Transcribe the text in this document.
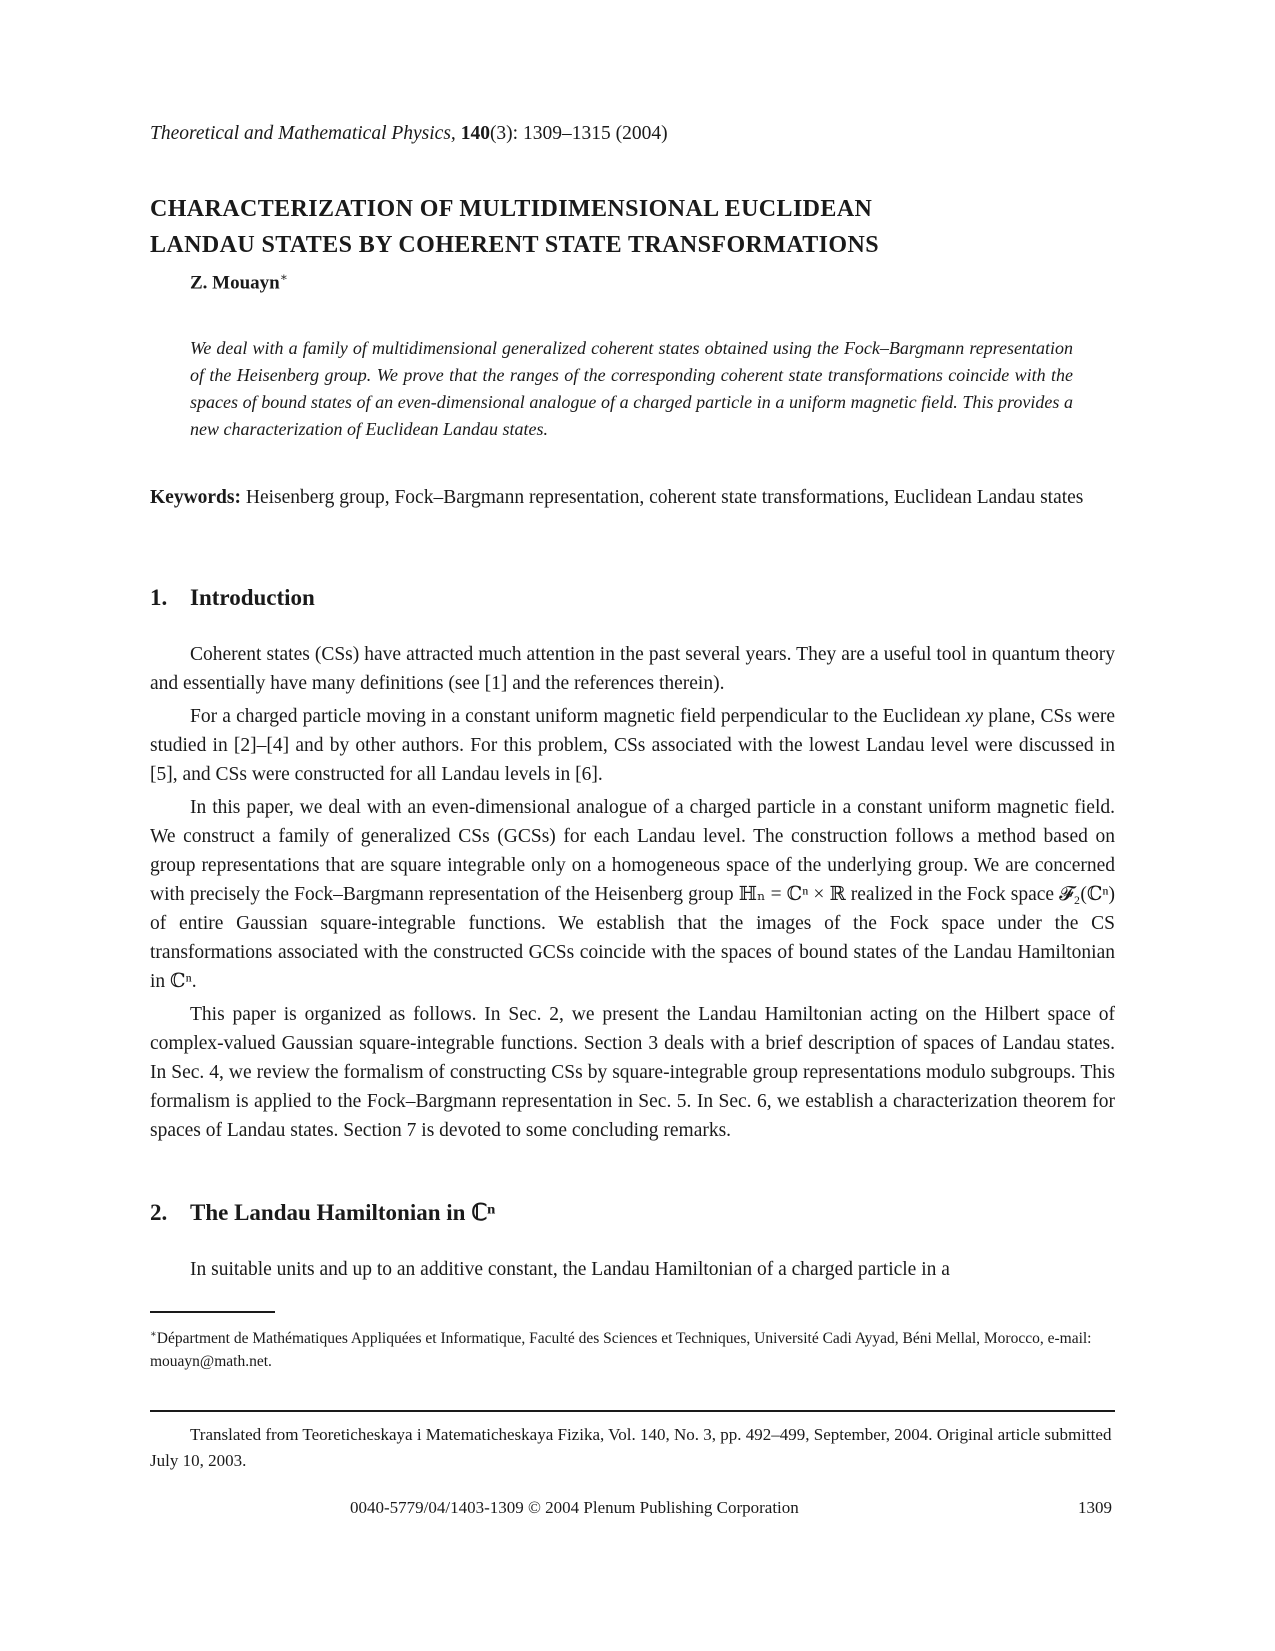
Theoretical and Mathematical Physics, 140(3): 1309–1315 (2004)
CHARACTERIZATION OF MULTIDIMENSIONAL EUCLIDEAN
LANDAU STATES BY COHERENT STATE TRANSFORMATIONS
Z. Mouayn∗
We deal with a family of multidimensional generalized coherent states obtained using the Fock–Bargmann representation of the Heisenberg group. We prove that the ranges of the corresponding coherent state transformations coincide with the spaces of bound states of an even-dimensional analogue of a charged particle in a uniform magnetic field. This provides a new characterization of Euclidean Landau states.
Keywords: Heisenberg group, Fock–Bargmann representation, coherent state transformations, Euclidean Landau states
1. Introduction

Coherent states (CSs) have attracted much attention in the past several years. They are a useful tool in quantum theory and essentially have many definitions (see [1] and the references therein).

For a charged particle moving in a constant uniform magnetic field perpendicular to the Euclidean xy plane, CSs were studied in [2]–[4] and by other authors. For this problem, CSs associated with the lowest Landau level were discussed in [5], and CSs were constructed for all Landau levels in [6].

In this paper, we deal with an even-dimensional analogue of a charged particle in a constant uniform magnetic field. We construct a family of generalized CSs (GCSs) for each Landau level. The construction follows a method based on group representations that are square integrable only on a homogeneous space of the underlying group. We are concerned with precisely the Fock–Bargmann representation of the Heisenberg group ℍₙ = ℂⁿ × ℝ realized in the Fock space 𝓕₂(ℂⁿ) of entire Gaussian square-integrable functions. We establish that the images of the Fock space under the CS transformations associated with the constructed GCSs coincide with the spaces of bound states of the Landau Hamiltonian in ℂⁿ.

This paper is organized as follows. In Sec. 2, we present the Landau Hamiltonian acting on the Hilbert space of complex-valued Gaussian square-integrable functions. Section 3 deals with a brief description of spaces of Landau states. In Sec. 4, we review the formalism of constructing CSs by square-integrable group representations modulo subgroups. This formalism is applied to the Fock–Bargmann representation in Sec. 5. In Sec. 6, we establish a characterization theorem for spaces of Landau states. Section 7 is devoted to some concluding remarks.

2. The Landau Hamiltonian in ℂⁿ

In suitable units and up to an additive constant, the Landau Hamiltonian of a charged particle in a

∗Départment de Mathématiques Appliquées et Informatique, Faculté des Sciences et Techniques, Université Cadi Ayyad, Béni Mellal, Morocco, e-mail: mouayn@math.net.
Translated from Teoreticheskaya i Matematicheskaya Fizika, Vol. 140, No. 3, pp. 492–499, September, 2004. Original article submitted July 10, 2003.
0040-5779/04/1403-1309 © 2004 Plenum Publishing Corporation	1309
